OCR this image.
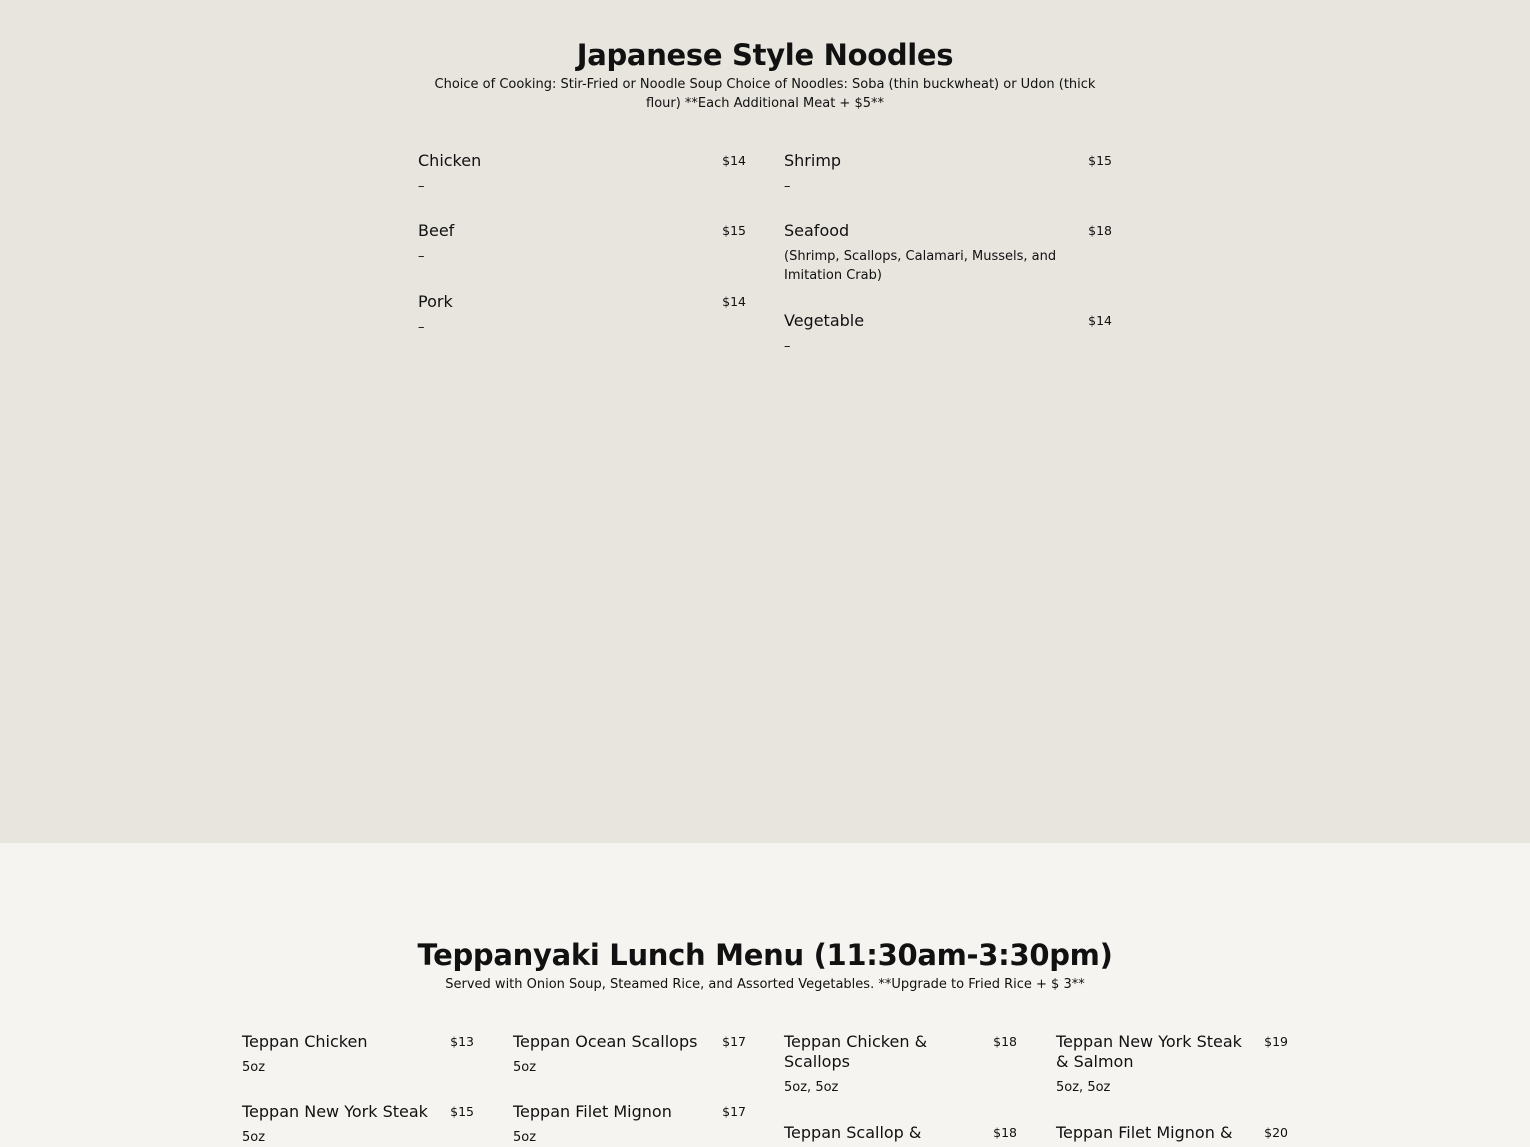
Japanese Style Noodles

Choice of Cooking: Stir-Fried or Noodle Soup Choice of Noodles: Soba (thin buckwheat) or Udon (thick flour) **Each Additional Meat + $5**

Chicken	$14
–
Beef	$15
–
Pork	$14
–
Shrimp	$15
–
Seafood	$18
(Shrimp, Scallops, Calamari, Mussels, and Imitation Crab)
Vegetable	$14
–
Teppanyaki Lunch Menu (11:30am-3:30pm)

Served with Onion Soup, Steamed Rice, and Assorted Vegetables. **Upgrade to Fried Rice + $ 3**

Teppan Chicken	$13
5oz
Teppan New York Steak	$15
5oz
Teppan Ocean Scallops	$17
5oz
Teppan Filet Mignon	$17
5oz
Teppan Chicken & Scallops
$18
5oz, 5oz
Teppan Scallop &	$18
Teppan New York Steak & Salmon
$19
5oz, 5oz
Teppan Filet Mignon &	$20
